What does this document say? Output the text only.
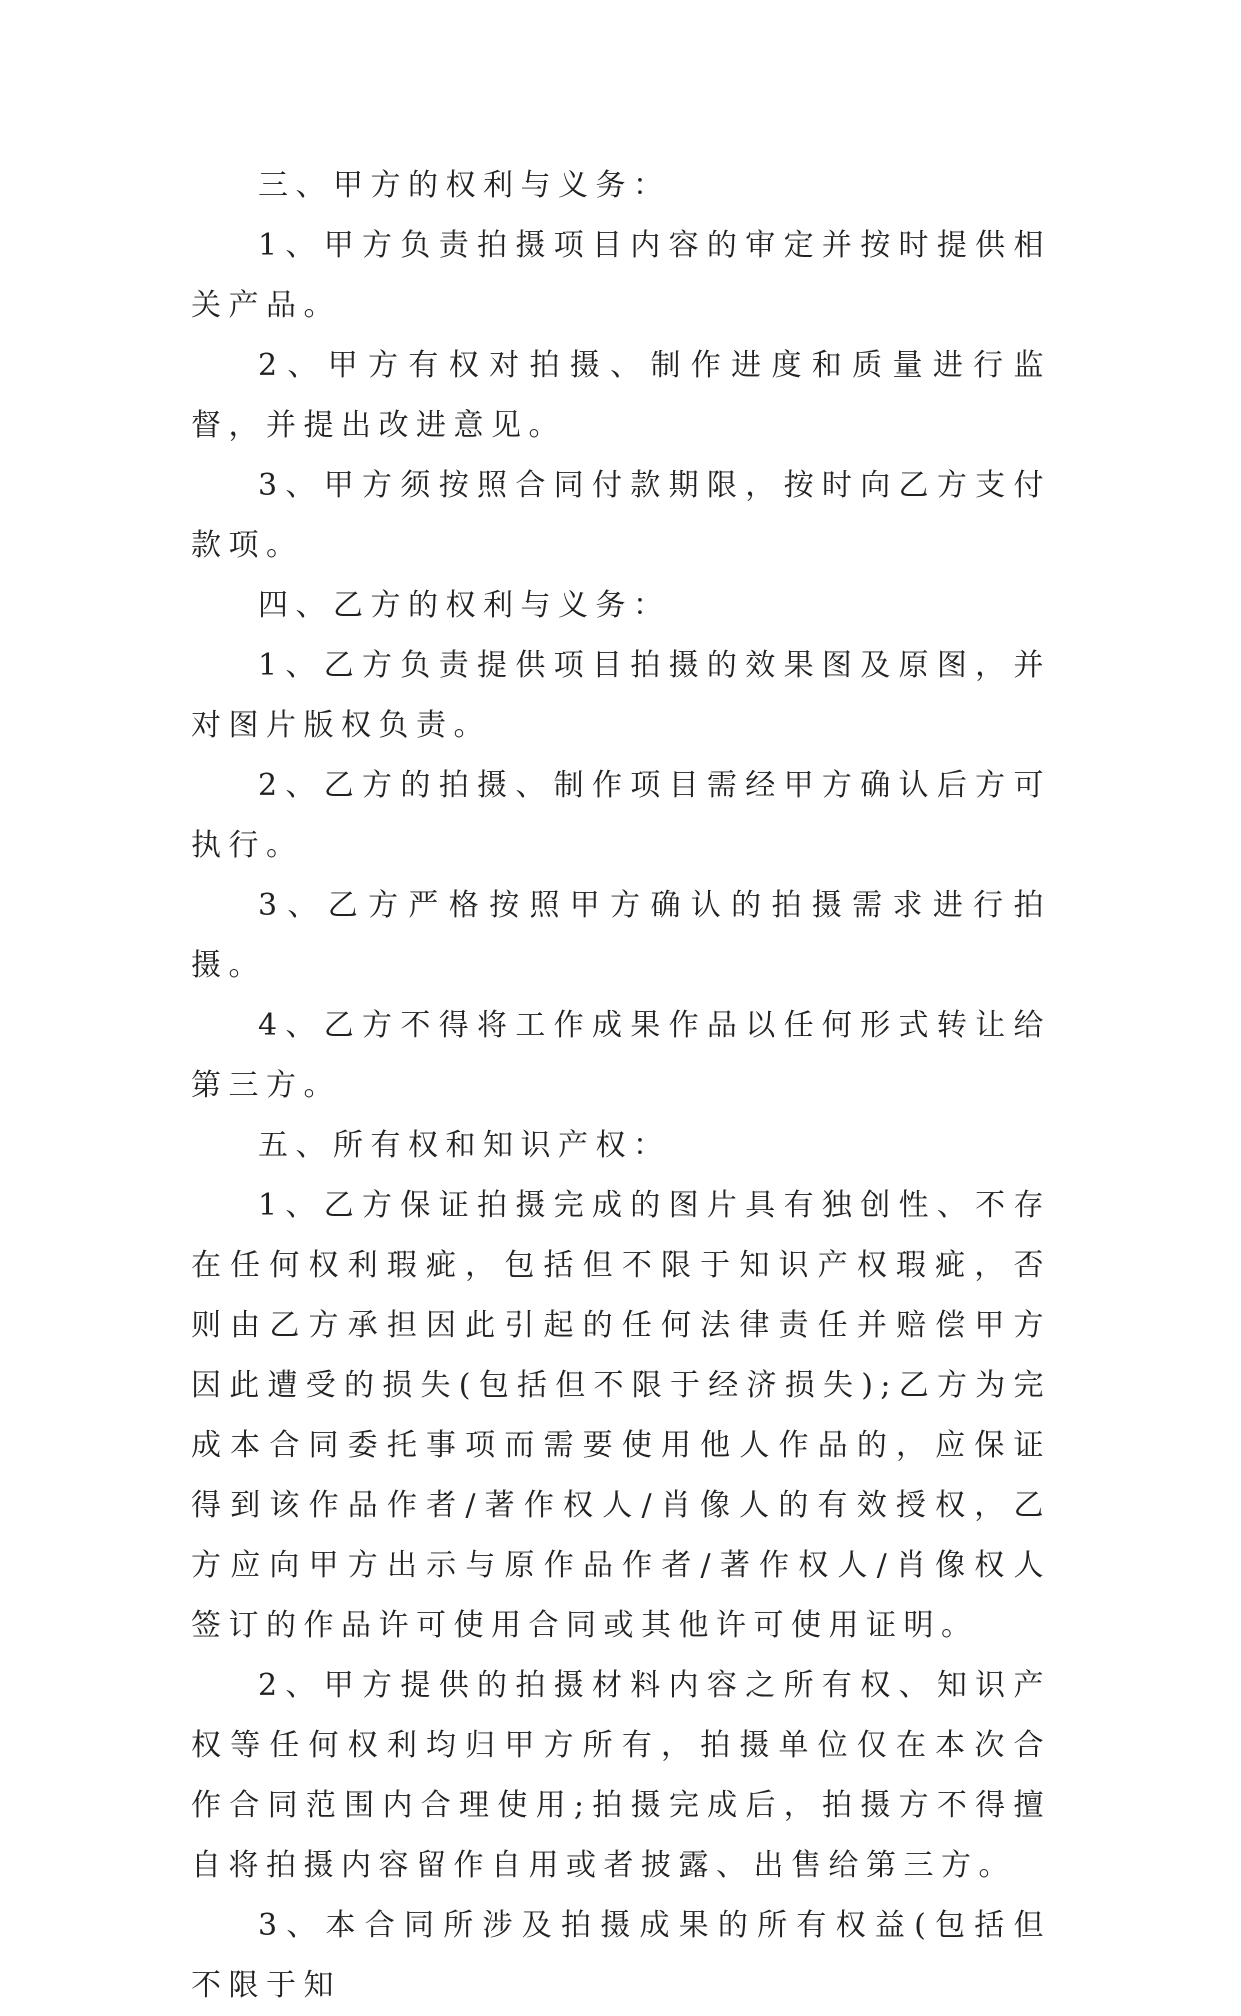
三、甲方的权利与义务：

1、甲方负责拍摄项目内容的审定并按时提供相关产品。

2、甲方有权对拍摄、制作进度和质量进行监督，并提出改进意见。

3、甲方须按照合同付款期限，按时向乙方支付款项。

四、乙方的权利与义务：

1、乙方负责提供项目拍摄的效果图及原图，并对图片版权负责。

2、乙方的拍摄、制作项目需经甲方确认后方可执行。

3、乙方严格按照甲方确认的拍摄需求进行拍摄。

4、乙方不得将工作成果作品以任何形式转让给第三方。

五、所有权和知识产权：

1、乙方保证拍摄完成的图片具有独创性、不存在任何权利瑕疵，包括但不限于知识产权瑕疵，否则由乙方承担因此引起的任何法律责任并赔偿甲方因此遭受的损失(包括但不限于经济损失);乙方为完成本合同委托事项而需要使用他人作品的，应保证得到该作品作者/著作权人/肖像人的有效授权，乙方应向甲方出示与原作品作者/著作权人/肖像权人签订的作品许可使用合同或其他许可使用证明。

2、甲方提供的拍摄材料内容之所有权、知识产权等任何权利均归甲方所有，拍摄单位仅在本次合作合同范围内合理使用;拍摄完成后，拍摄方不得擅自将拍摄内容留作自用或者披露、出售给第三方。

3、本合同所涉及拍摄成果的所有权益(包括但不限于知
